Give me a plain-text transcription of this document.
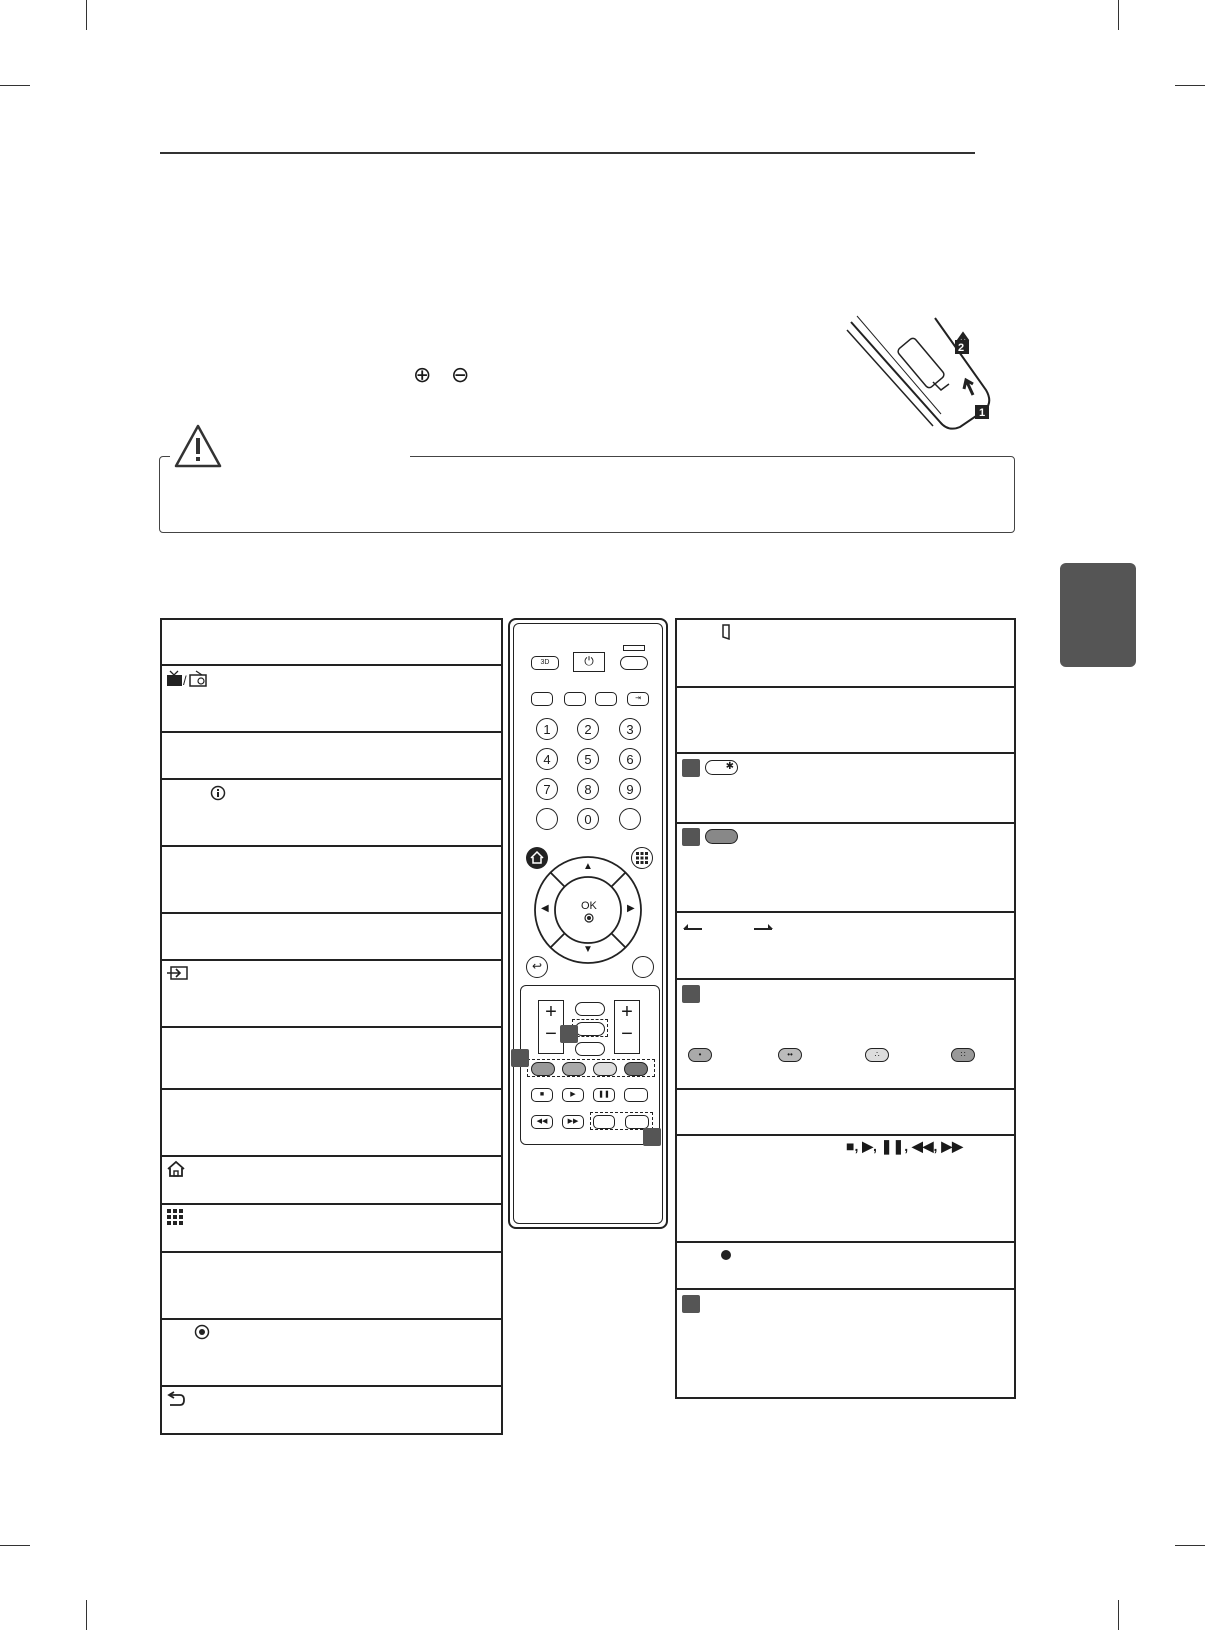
⊕ ⊖
2
1
/
3D	⏻
⇥
1	2	3
4	5	6
7	8	9
0
▲
◀	▶
▼
OK
↩
+
−
+
−
■	▶	❚❚
◀◀	▶▶
✱
•	••	∴	∷
■, ▶, ❚❚, ◀◀, ▶▶
